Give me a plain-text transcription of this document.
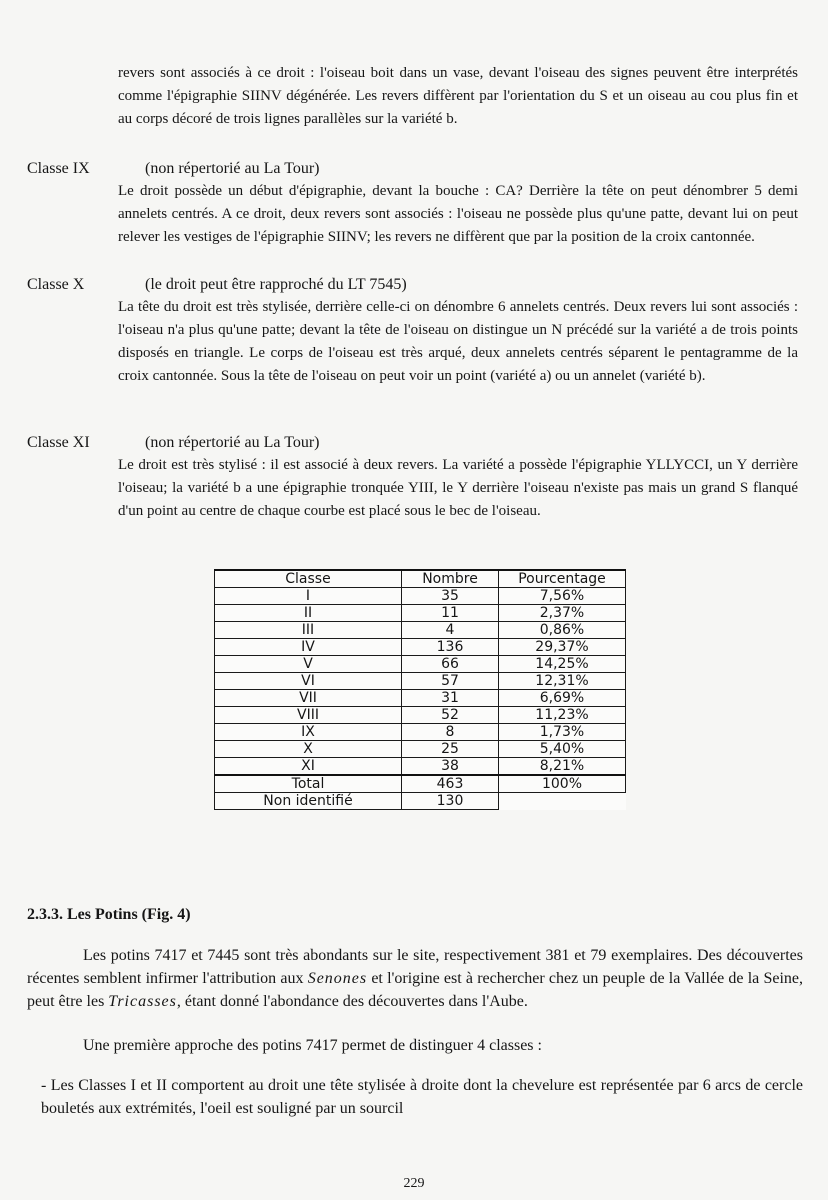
revers sont associés à ce droit : l'oiseau boit dans un vase, devant l'oiseau des signes peuvent être interprétés comme l'épigraphie SIINV dégénérée. Les revers diffèrent par l'orientation du S et un oiseau au cou plus fin et au corps décoré de trois lignes parallèles sur la variété b.

Classe IX	(non répertorié au La Tour)

Le droit possède un début d'épigraphie, devant la bouche : CA? Derrière la tête on peut dénombrer 5 demi annelets centrés. A ce droit, deux revers sont associés : l'oiseau ne possède plus qu'une patte, devant lui on peut relever les vestiges de l'épigraphie SIINV; les revers ne diffèrent que par la position de la croix cantonnée.

Classe X	(le droit peut être rapproché du LT 7545)

La tête du droit est très stylisée, derrière celle-ci on dénombre 6 annelets centrés. Deux revers lui sont associés : l'oiseau n'a plus qu'une patte; devant la tête de l'oiseau on distingue un N précédé sur la variété a de trois points disposés en triangle. Le corps de l'oiseau est très arqué, deux annelets centrés séparent le pentagramme de la croix cantonnée. Sous la tête de l'oiseau on peut voir un point (variété a) ou un annelet (variété b).

Classe XI	(non répertorié au La Tour)

Le droit est très stylisé : il est associé à deux revers. La variété a possède l'épigraphie YLLYCCI, un Y derrière l'oiseau; la variété b a une épigraphie tronquée YIII, le Y derrière l'oiseau n'existe pas mais un grand S flanqué d'un point au centre de chaque courbe est placé sous le bec de l'oiseau.

Classe	Nombre	Pourcentage
I	35	7,56%
II	11	2,37%
III	4	0,86%
IV	136	29,37%
V	66	14,25%
VI	57	12,31%
VII	31	6,69%
VIII	52	11,23%
IX	8	1,73%
X	25	5,40%
XI	38	8,21%
Total	463	100%
Non identifié	130	

2.3.3. Les Potins (Fig. 4)

Les potins 7417 et 7445 sont très abondants sur le site, respectivement 381 et 79 exemplaires. Des découvertes récentes semblent infirmer l'attribution aux Senones et l'origine est à rechercher chez un peuple de la Vallée de la Seine, peut être les Tricasses, étant donné l'abondance des découvertes dans l'Aube.

Une première approche des potins 7417 permet de distinguer 4 classes :

- Les Classes I et II comportent au droit une tête stylisée à droite dont la chevelure est représentée par 6 arcs de cercle bouletés aux extrémités, l'oeil est souligné par un sourcil

229
